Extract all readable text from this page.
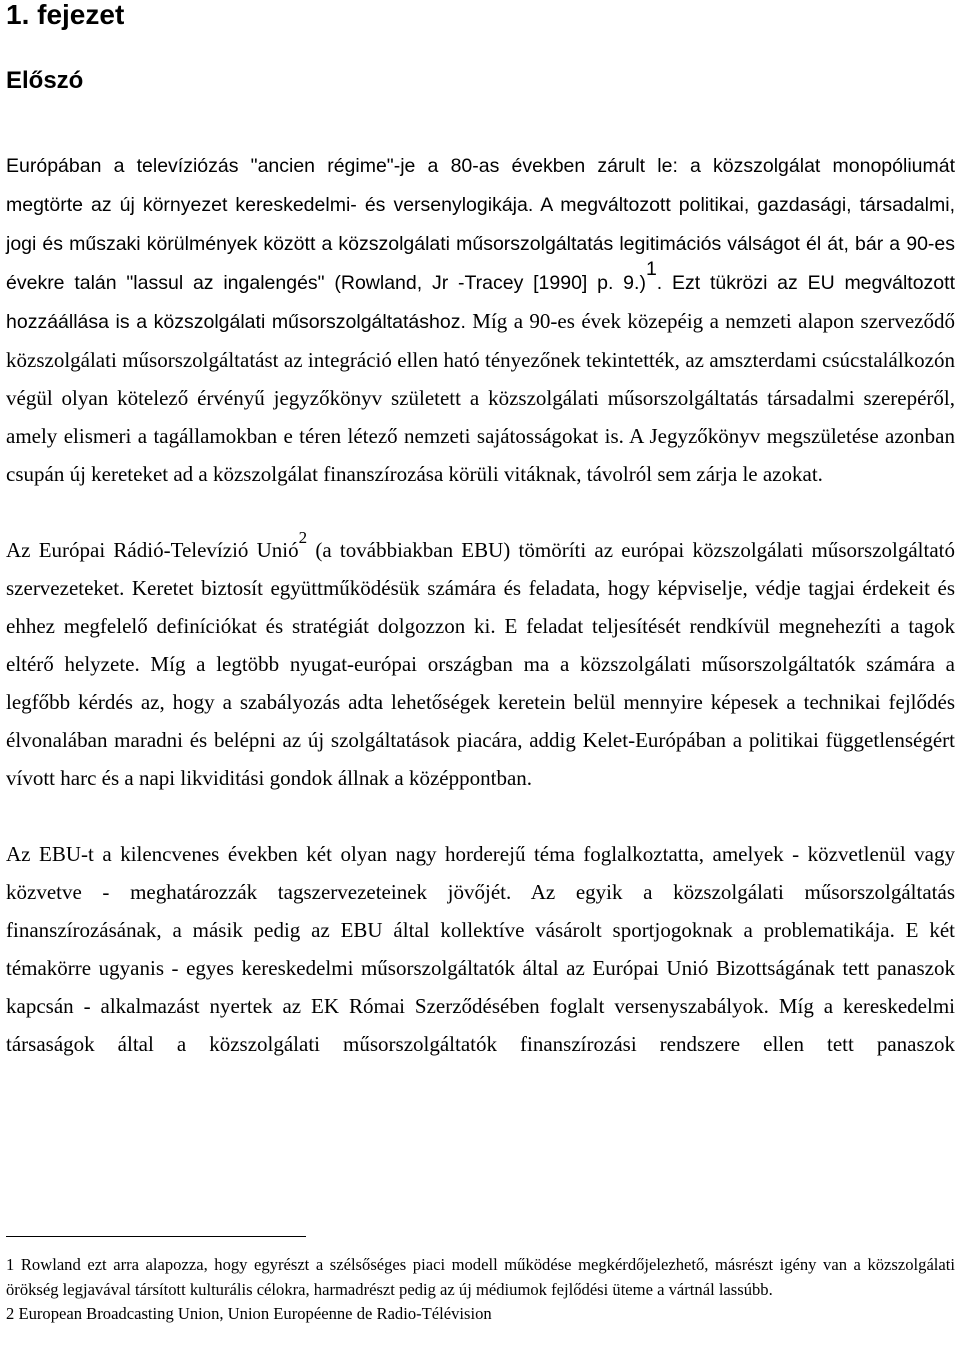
1. fejezet
Előszó

Európában a televíziózás "ancien régime"-je a 80-as években zárult le: a közszolgálat monopóliumát megtörte az új környezet kereskedelmi- és versenylogikája. A megváltozott politikai, gazdasági, társadalmi, jogi és műszaki körülmények között a közszolgálati műsorszolgáltatás legitimációs válságot él át, bár a 90-es évekre talán "lassul az ingalengés" (Rowland, Jr -Tracey [1990] p. 9.)$^1$. Ezt tükrözi az EU megváltozott hozzáállása is a közszolgálati műsorszolgáltatáshoz. Míg a 90-es évek közepéig a nemzeti alapon szerveződő közszolgálati műsorszolgáltatást az integráció ellen ható tényezőnek tekintették, az amszterdami csúcstalálkozón végül olyan kötelező érvényű jegyzőkönyv született a közszolgálati műsorszolgáltatás társadalmi szerepéről, amely elismeri a tagállamokban e téren létező nemzeti sajátosságokat is. A Jegyzőkönyv megszületése azonban csupán új kereteket ad a közszolgálat finanszírozása körüli vitáknak, távolról sem zárja le azokat.

Az Európai Rádió-Televízió Unió$^2$ (a továbbiakban EBU) tömöríti az európai közszolgálati műsorszolgáltató szervezeteket. Keretet biztosít együttműködésük számára és feladata, hogy képviselje, védje tagjai érdekeit és ehhez megfelelő definíciókat és stratégiát dolgozzon ki. E feladat teljesítését rendkívül megnehezíti a tagok eltérő helyzete. Míg a legtöbb nyugat-európai országban ma a közszolgálati műsorszolgáltatók számára a legfőbb kérdés az, hogy a szabályozás adta lehetőségek keretein belül mennyire képesek a technikai fejlődés élvonalában maradni és belépni az új szolgáltatások piacára, addig Kelet-Európában a politikai függetlenségért vívott harc és a napi likviditási gondok állnak a középpontban.

Az EBU-t a kilencvenes években két olyan nagy horderejű téma foglalkoztatta, amelyek - közvetlenül vagy közvetve - meghatározzák tagszervezeteinek jövőjét. Az egyik a közszolgálati műsorszolgáltatás finanszírozásának, a másik pedig az EBU által kollektíve vásárolt sportjogoknak a problematikája. E két témakörre ugyanis - egyes kereskedelmi műsorszolgáltatók által az Európai Unió Bizottságának tett panaszok kapcsán - alkalmazást nyertek az EK Római Szerződésében foglalt versenyszabályok. Míg a kereskedelmi társaságok által a közszolgálati műsorszolgáltatók finanszírozási rendszere ellen tett panaszok

1 Rowland ezt arra alapozza, hogy egyrészt a szélsőséges piaci modell működése megkérdőjelezhető, másrészt igény van a közszolgálati örökség legjavával társított kulturális célokra, harmadrészt pedig az új médiumok fejlődési üteme a vártnál lassúbb.

2 European Broadcasting Union, Union Européenne de Radio-Télévision
